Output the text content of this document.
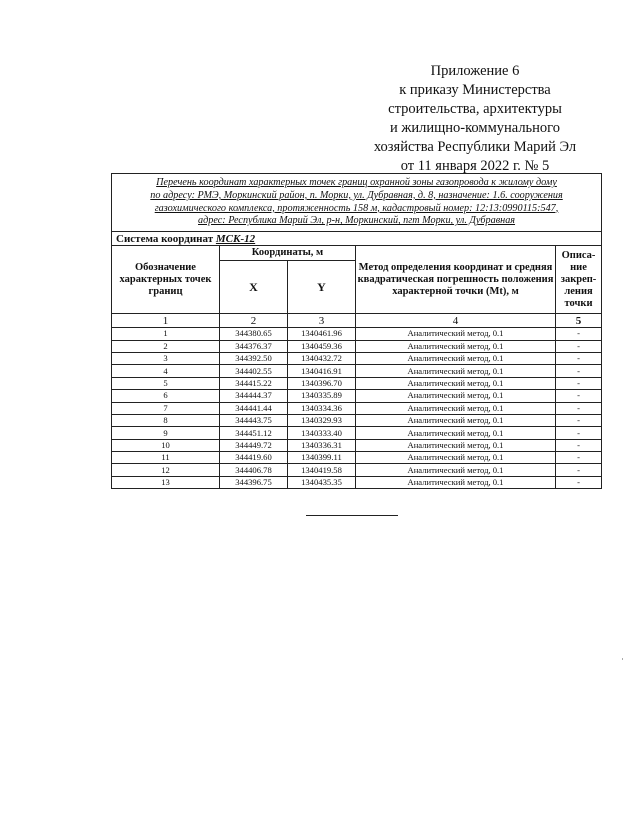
Приложение 6
к приказу Министерства
строительства, архитектуры
и жилищно-коммунального
хозяйства Республики Марий Эл
от 11 января 2022 г. № 5
Перечень координат характерных точек границ охранной зоны газопровода к жилому дому
по адресу: РМЭ, Моркинский район, п. Морки, ул. Дубравная, д. 8, назначение: 1.6. сооружения
газохимического комплекса, протяженность 158 м, кадастровый номер: 12:13:0990115:547,
адрес: Республика Марий Эл, р-н, Моркинский, пгт Морки, ул. Дубравная				

Система координат МСК-12				
Обозначение характерных точек границ	Координаты, м		Метод определения координат и средняя квадратическая погрешность положения характерной точки (Mt), м	Описа-ние закреп-ления точки
	X	Y		
1	2	3	4	5
1	344380.65	1340461.96	Аналитический метод, 0.1	-
2	344376.37	1340459.36	Аналитический метод, 0.1	-
3	344392.50	1340432.72	Аналитический метод, 0.1	-
4	344402.55	1340416.91	Аналитический метод, 0.1	-
5	344415.22	1340396.70	Аналитический метод, 0.1	-
6	344444.37	1340335.89	Аналитический метод, 0.1	-
7	344441.44	1340334.36	Аналитический метод, 0.1	-
8	344443.75	1340329.93	Аналитический метод, 0.1	-
9	344451.12	1340333.40	Аналитический метод, 0.1	-
10	344449.72	1340336.31	Аналитический метод, 0.1	-
11	344419.60	1340399.11	Аналитический метод, 0.1	-
12	344406.78	1340419.58	Аналитический метод, 0.1	-
13	344396.75	1340435.35	Аналитический метод, 0.1	-
